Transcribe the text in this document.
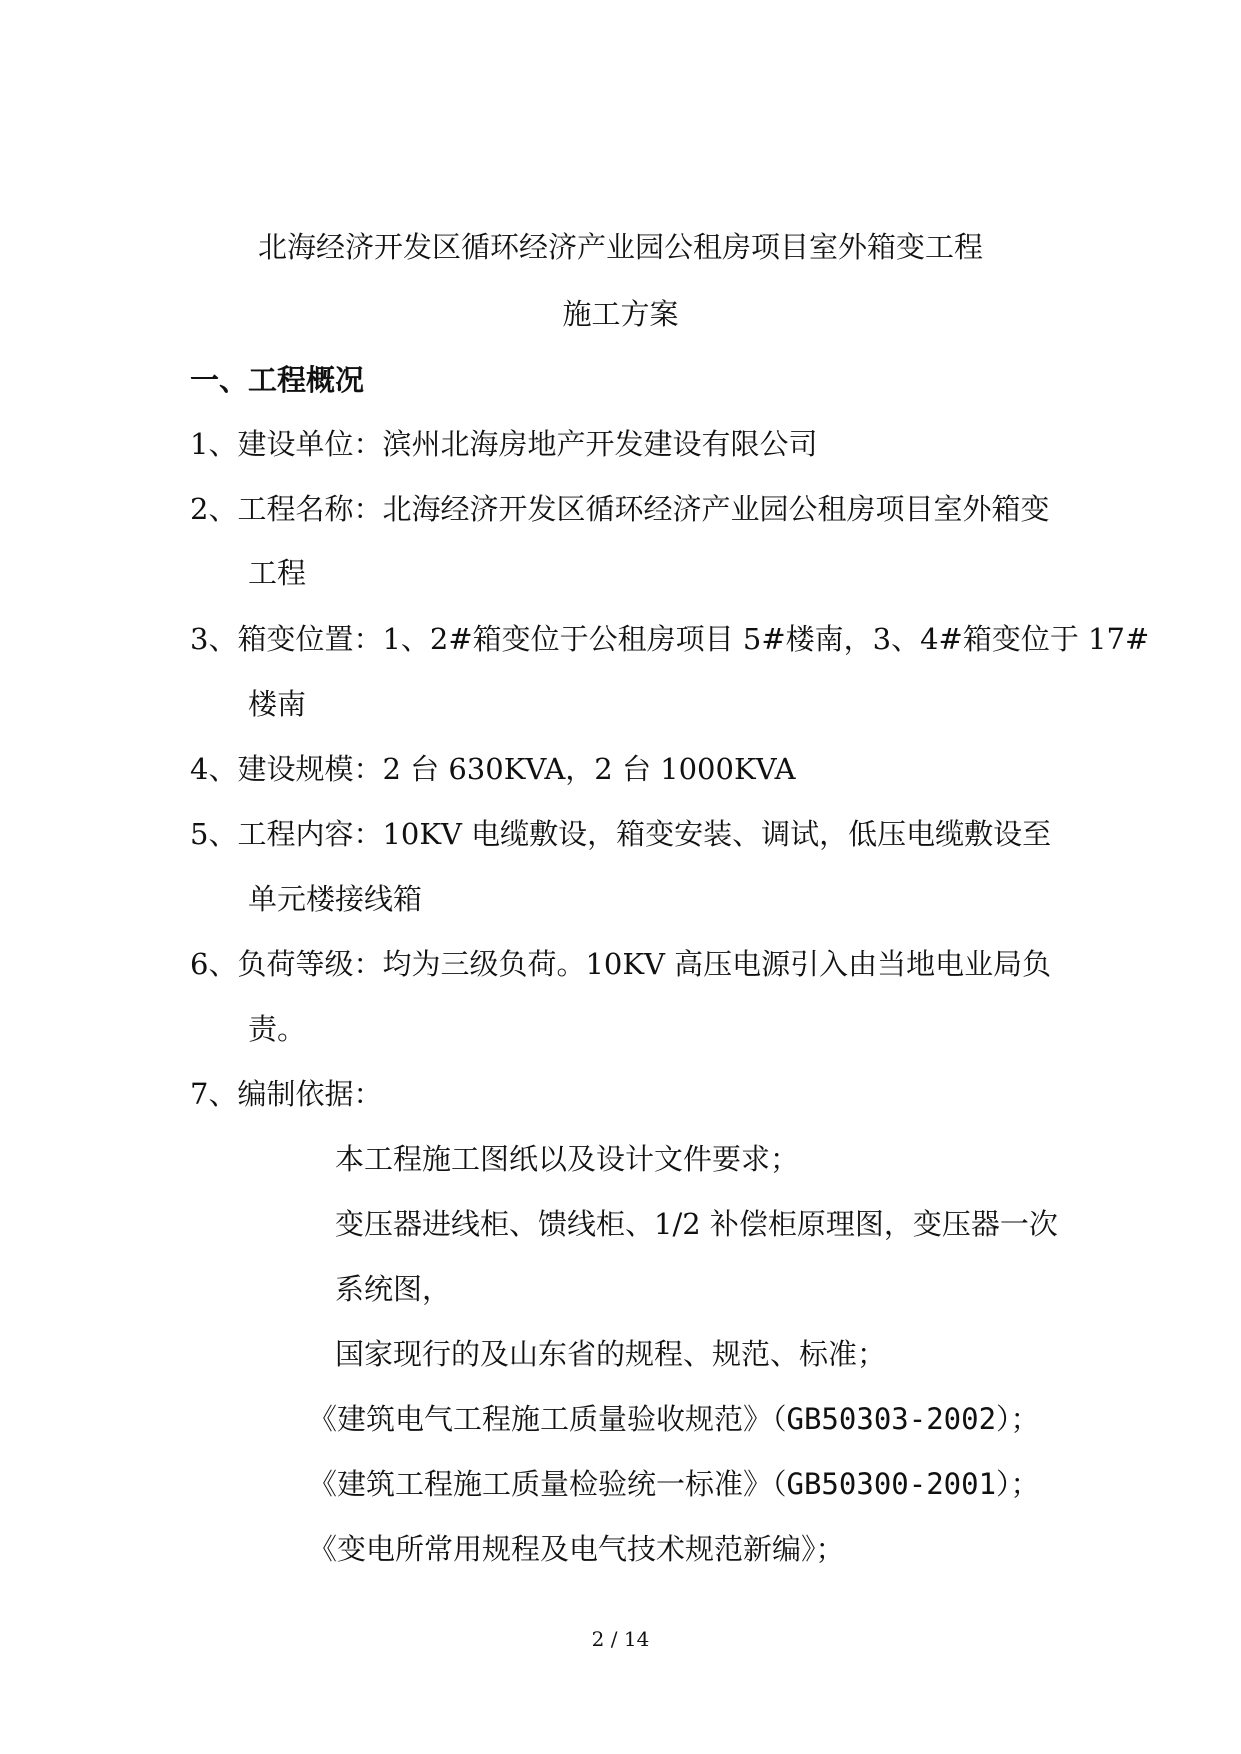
北海经济开发区循环经济产业园公租房项目室外箱变工程
施工方案
一、工程概况
1、建设单位：滨州北海房地产开发建设有限公司
2、工程名称：北海经济开发区循环经济产业园公租房项目室外箱变
工程
3、箱变位置：1、2#箱变位于公租房项目 5#楼南，3、4#箱变位于 17#
楼南
4、建设规模：2 台 630KVA，2 台 1000KVA
5、工程内容：10KV 电缆敷设，箱变安装、调试，低压电缆敷设至
单元楼接线箱
6、负荷等级：均为三级负荷。10KV 高压电源引入由当地电业局负
责。
7、编制依据：
本工程施工图纸以及设计文件要求；
变压器进线柜、馈线柜、1/2 补偿柜原理图，变压器一次
系统图，
国家现行的及山东省的规程、规范、标准；
《建筑电气工程施工质量验收规范》（GB50303-2002）；
《建筑工程施工质量检验统一标准》（GB50300-2001）；
《变电所常用规程及电气技术规范新编》；
2 / 14
